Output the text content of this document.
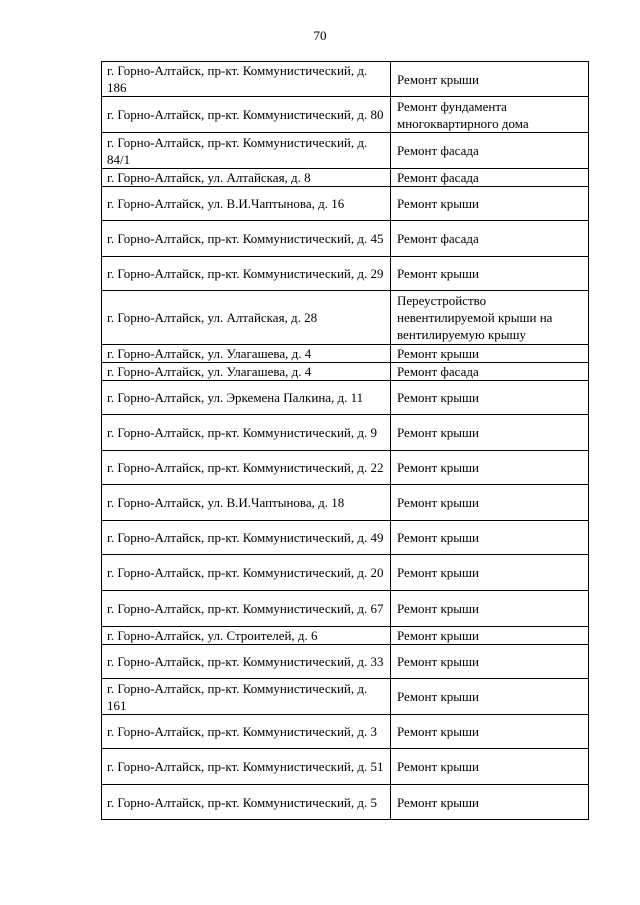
70
г. Горно-Алтайск, пр-кт. Коммунистический, д. 186	Ремонт крыши
г. Горно-Алтайск, пр-кт. Коммунистический, д. 80	Ремонт фундамента многоквартирного дома
г. Горно-Алтайск, пр-кт. Коммунистический, д. 84/1	Ремонт фасада
г. Горно-Алтайск, ул. Алтайская, д. 8	Ремонт фасада
г. Горно-Алтайск, ул. В.И.Чаптынова, д. 16	Ремонт крыши
г. Горно-Алтайск, пр-кт. Коммунистический, д. 45	Ремонт фасада
г. Горно-Алтайск, пр-кт. Коммунистический, д. 29	Ремонт крыши
г. Горно-Алтайск, ул. Алтайская, д. 28	Переустройство невентилируемой крыши на вентилируемую крышу
г. Горно-Алтайск, ул. Улагашева, д. 4	Ремонт крыши
г. Горно-Алтайск, ул. Улагашева, д. 4	Ремонт фасада
г. Горно-Алтайск, ул. Эркемена Палкина, д. 11	Ремонт крыши
г. Горно-Алтайск, пр-кт. Коммунистический, д. 9	Ремонт крыши
г. Горно-Алтайск, пр-кт. Коммунистический, д. 22	Ремонт крыши
г. Горно-Алтайск, ул. В.И.Чаптынова, д. 18	Ремонт крыши
г. Горно-Алтайск, пр-кт. Коммунистический, д. 49	Ремонт крыши
г. Горно-Алтайск, пр-кт. Коммунистический, д. 20	Ремонт крыши
г. Горно-Алтайск, пр-кт. Коммунистический, д. 67	Ремонт крыши
г. Горно-Алтайск, ул. Строителей, д. 6	Ремонт крыши
г. Горно-Алтайск, пр-кт. Коммунистический, д. 33	Ремонт крыши
г. Горно-Алтайск, пр-кт. Коммунистический, д. 161	Ремонт крыши
г. Горно-Алтайск, пр-кт. Коммунистический, д. 3	Ремонт крыши
г. Горно-Алтайск, пр-кт. Коммунистический, д. 51	Ремонт крыши
г. Горно-Алтайск, пр-кт. Коммунистический, д. 5	Ремонт крыши
